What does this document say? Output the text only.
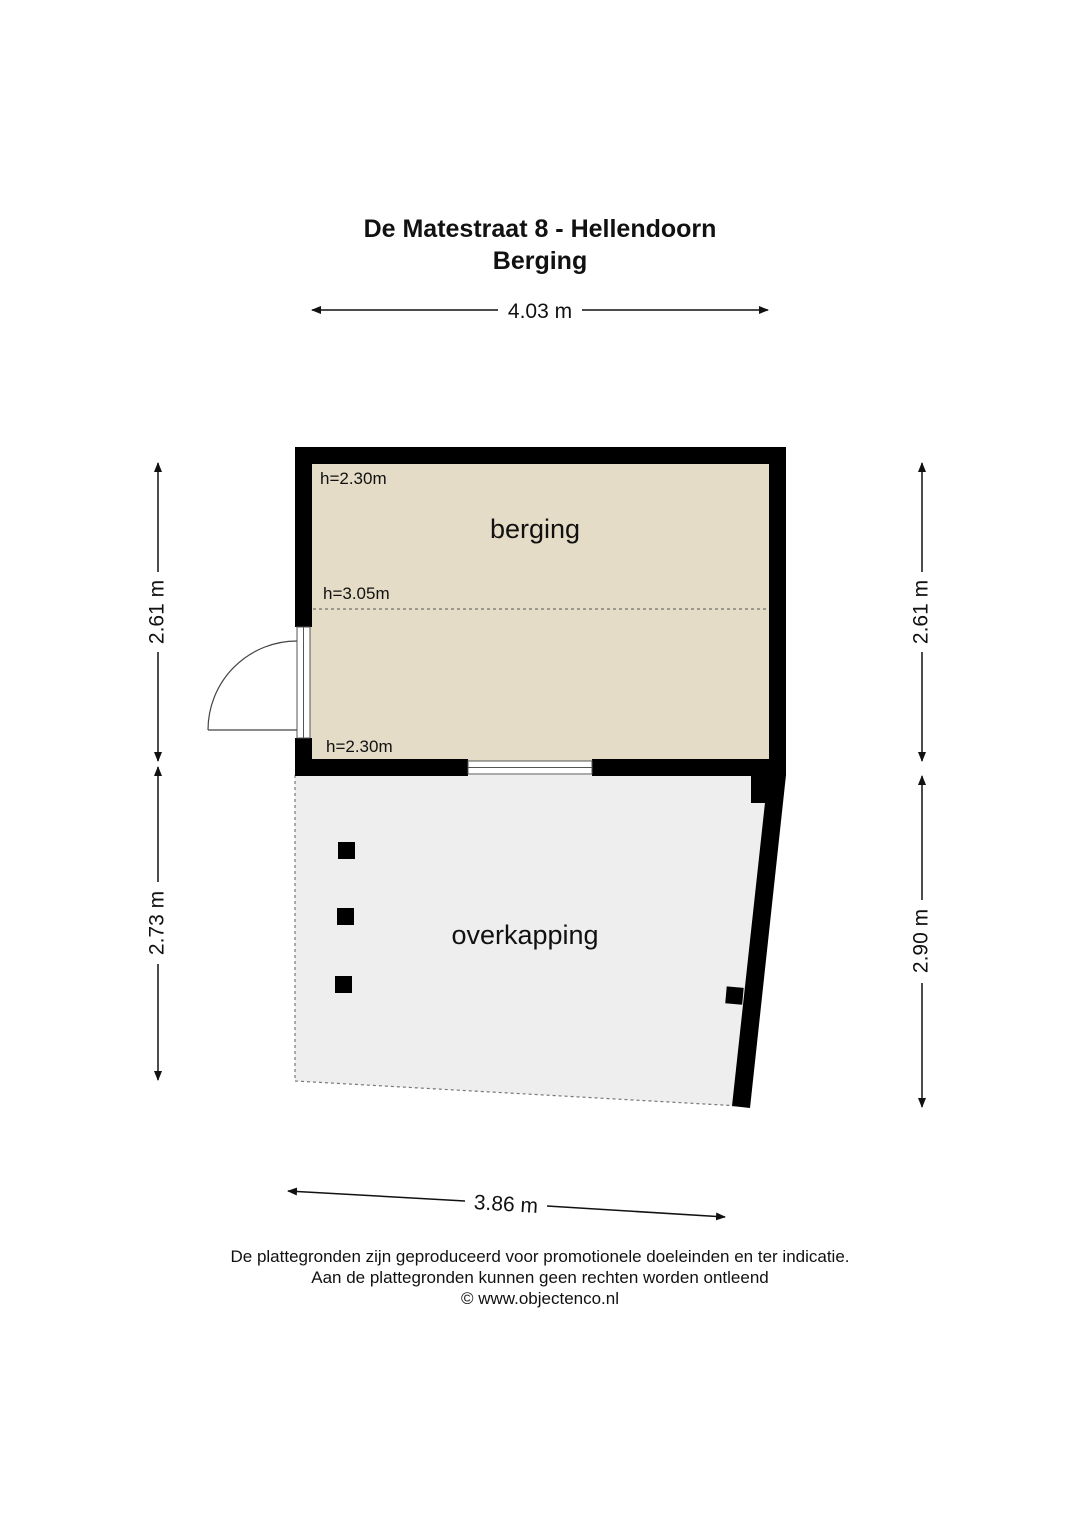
De Matestraat 8 - Hellendoorn
Berging
berging
overkapping
h=2.30m
h=3.05m
h=2.30m
4.03 m
3.86 m
2.61 m
2.73 m
2.61 m
2.90 m
De plattegronden zijn geproduceerd voor promotionele doeleinden en ter indicatie.
Aan de plattegronden kunnen geen rechten worden ontleend
© www.objectenco.nl
